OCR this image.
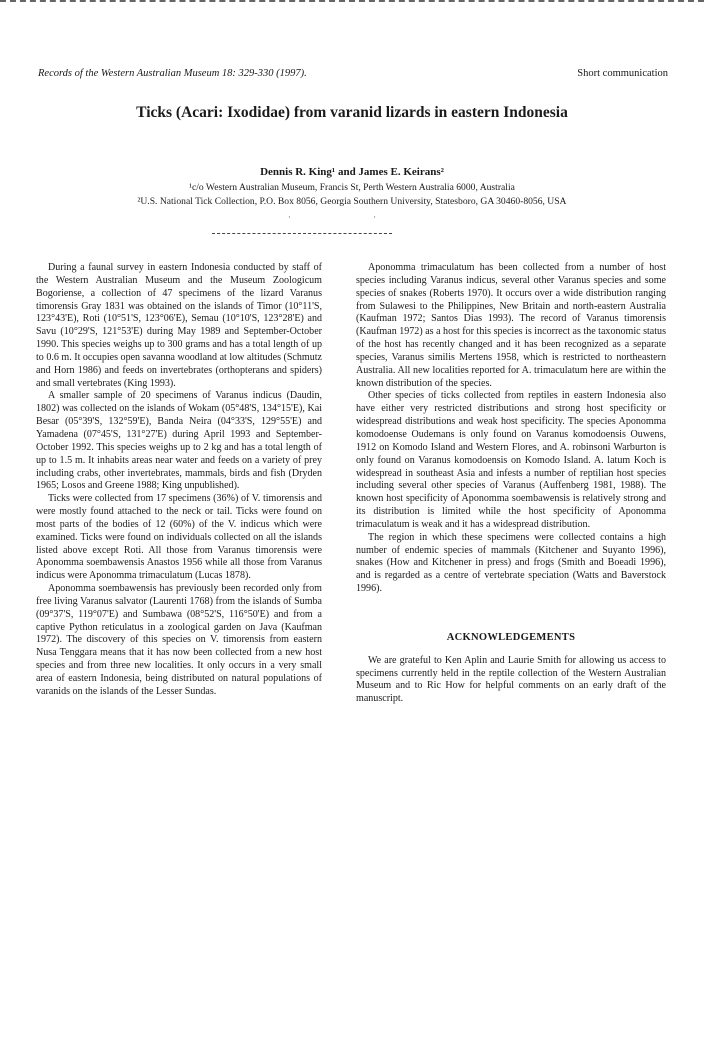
Records of the Western Australian Museum 18: 329-330 (1997).	Short communication
Ticks (Acari: Ixodidae) from varanid lizards in eastern Indonesia
Dennis R. King¹ and James E. Keirans²
¹c/o Western Australian Museum, Francis St, Perth Western Australia 6000, Australia
²U.S. National Tick Collection, P.O. Box 8056, Georgia Southern University, Statesboro, GA 30460-8056, USA
· ·

During a faunal survey in eastern Indonesia conducted by staff of the Western Australian Museum and the Museum Zoologicum Bogoriense, a collection of 47 specimens of the lizard Varanus timorensis Gray 1831 was obtained on the islands of Timor (10°11'S, 123°43'E), Roti (10°51'S, 123°06'E), Semau (10°10'S, 123°28'E) and Savu (10°29'S, 121°53'E) during May 1989 and September-October 1990. This species weighs up to 300 grams and has a total length of up to 0.6 m. It occupies open savanna woodland at low altitudes (Schmutz and Horn 1986) and feeds on invertebrates (orthopterans and spiders) and small vertebrates (King 1993).

A smaller sample of 20 specimens of Varanus indicus (Daudin, 1802) was collected on the islands of Wokam (05°48'S, 134°15'E), Kai Besar (05°39'S, 132°59'E), Banda Neira (04°33'S, 129°55'E) and Yamadena (07°45'S, 131°27'E) during April 1993 and September-October 1992. This species weighs up to 2 kg and has a total length of up to 1.5 m. It inhabits areas near water and feeds on a variety of prey including crabs, other invertebrates, mammals, birds and fish (Dryden 1965; Losos and Greene 1988; King unpublished).

Ticks were collected from 17 specimens (36%) of V. timorensis and were mostly found attached to the neck or tail. Ticks were found on most parts of the bodies of 12 (60%) of the V. indicus which were examined. Ticks were found on individuals collected on all the islands listed above except Roti. All those from Varanus timorensis were Aponomma soembawensis Anastos 1956 while all those from Varanus indicus were Aponomma trimaculatum (Lucas 1878).

Aponomma soembawensis has previously been recorded only from free living Varanus salvator (Laurenti 1768) from the islands of Sumba (09°37'S, 119°07'E) and Sumbawa (08°52'S, 116°50'E) and from a captive Python reticulatus in a zoological garden on Java (Kaufman 1972). The discovery of this species on V. timorensis from eastern Nusa Tenggara means that it has now been collected from a new host species and from three new localities. It only occurs in a very small area of eastern Indonesia, being distributed on natural populations of varanids on the islands of the Lesser Sundas.

Aponomma trimaculatum has been collected from a number of host species including Varanus indicus, several other Varanus species and some species of snakes (Roberts 1970). It occurs over a wide distribution ranging from Sulawesi to the Philippines, New Britain and north-eastern Australia (Kaufman 1972; Santos Dias 1993). The record of Varanus timorensis (Kaufman 1972) as a host for this species is incorrect as the taxonomic status of the host has recently changed and it has been recognized as a separate species, Varanus similis Mertens 1958, which is restricted to northeastern Australia. All new localities reported for A. trimaculatum here are within the known distribution of the species.

Other species of ticks collected from reptiles in eastern Indonesia also have either very restricted distributions and strong host specificity or widespread distributions and weak host specificity. The species Aponomma komodoense Oudemans is only found on Varanus komodoensis Ouwens, 1912 on Komodo Island and Western Flores, and A. robinsoni Warburton is only found on Varanus komodoensis on Komodo Island. A. latum Koch is widespread in southeast Asia and infests a number of reptilian host species including several other species of Varanus (Auffenberg 1981, 1988). The known host specificity of Aponomma soembawensis is relatively strong and its distribution is limited while the host specificity of Aponomma trimaculatum is weak and it has a widespread distribution.

The region in which these specimens were collected contains a high number of endemic species of mammals (Kitchener and Suyanto 1996), snakes (How and Kitchener in press) and frogs (Smith and Boeadi 1996), and is regarded as a centre of vertebrate speciation (Watts and Baverstock 1996).

ACKNOWLEDGEMENTS

We are grateful to Ken Aplin and Laurie Smith for allowing us access to specimens currently held in the reptile collection of the Western Australian Museum and to Ric How for helpful comments on an early draft of the manuscript.
